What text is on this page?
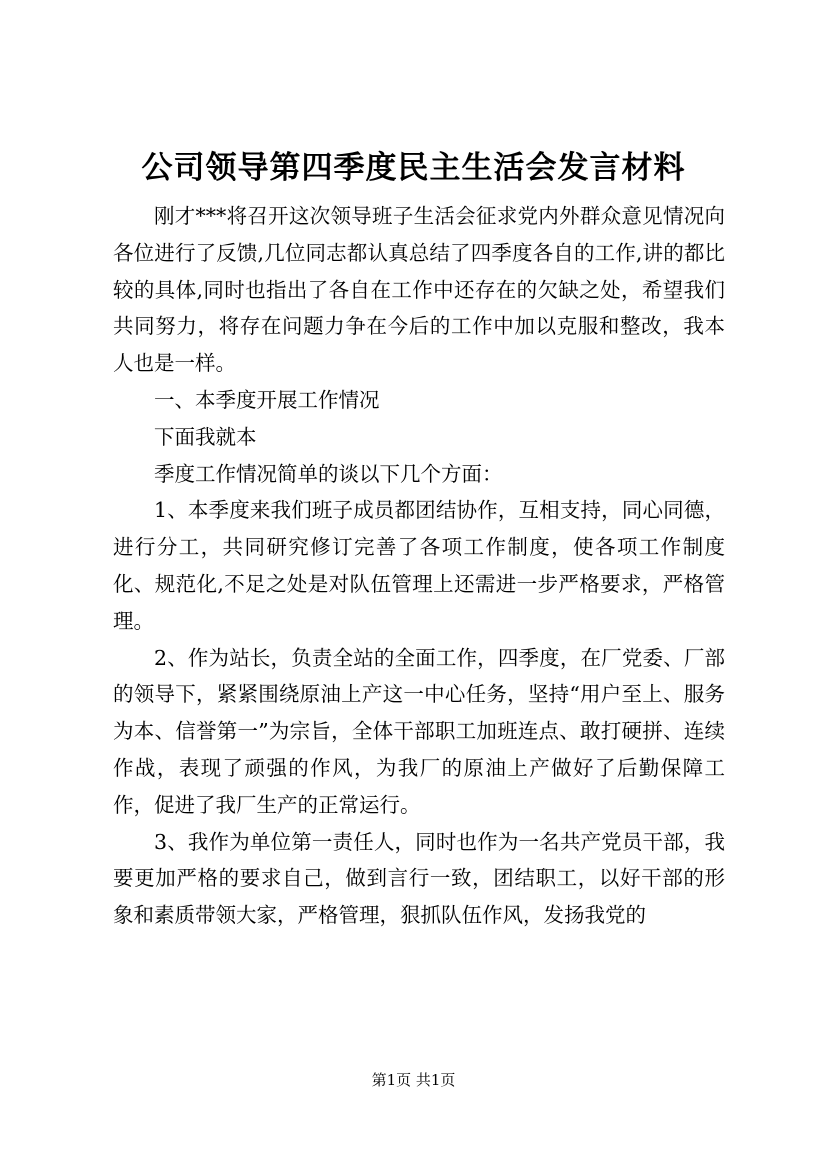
公司领导第四季度民主生活会发言材料

刚才***将召开这次领导班子生活会征求党内外群众意见情况向各位进行了反馈,几位同志都认真总结了四季度各自的工作,讲的都比较的具体,同时也指出了各自在工作中还存在的欠缺之处，希望我们共同努力，将存在问题力争在今后的工作中加以克服和整改，我本人也是一样。

一、本季度开展工作情况

下面我就本

季度工作情况简单的谈以下几个方面：

1、本季度来我们班子成员都团结协作，互相支持，同心同德，进行分工，共同研究修订完善了各项工作制度，使各项工作制度化、规范化,不足之处是对队伍管理上还需进一步严格要求，严格管理。

2、作为站长，负责全站的全面工作，四季度，在厂党委、厂部的领导下，紧紧围绕原油上产这一中心任务，坚持“用户至上、服务为本、信誉第一”为宗旨，全体干部职工加班连点、敢打硬拼、连续作战，表现了顽强的作风，为我厂的原油上产做好了后勤保障工作，促进了我厂生产的正常运行。

3、我作为单位第一责任人，同时也作为一名共产党员干部，我要更加严格的要求自己，做到言行一致，团结职工，以好干部的形象和素质带领大家，严格管理，狠抓队伍作风，发扬我党的

第1页 共1页
